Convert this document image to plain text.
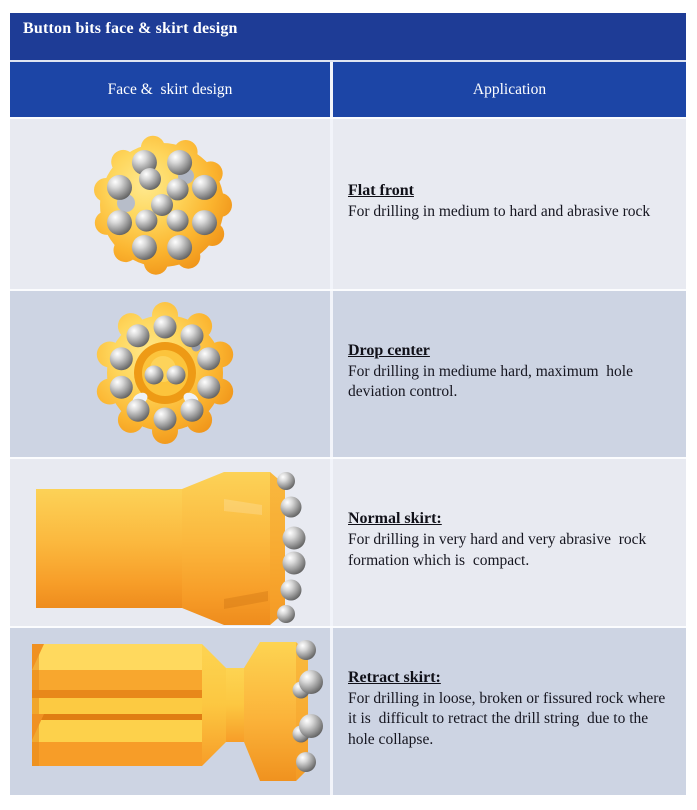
Button bits face & skirt design
Face &  skirt design	Application
Flat front
For drilling in medium to hard and abrasive rock
Drop center
For drilling in mediume hard, maximum  hole deviation control.
Normal skirt:
For drilling in very hard and very abrasive  rock formation which is  compact.
Retract skirt:
For drilling in loose, broken or fissured rock where it is  difficult to retract the drill string  due to the hole collapse.
